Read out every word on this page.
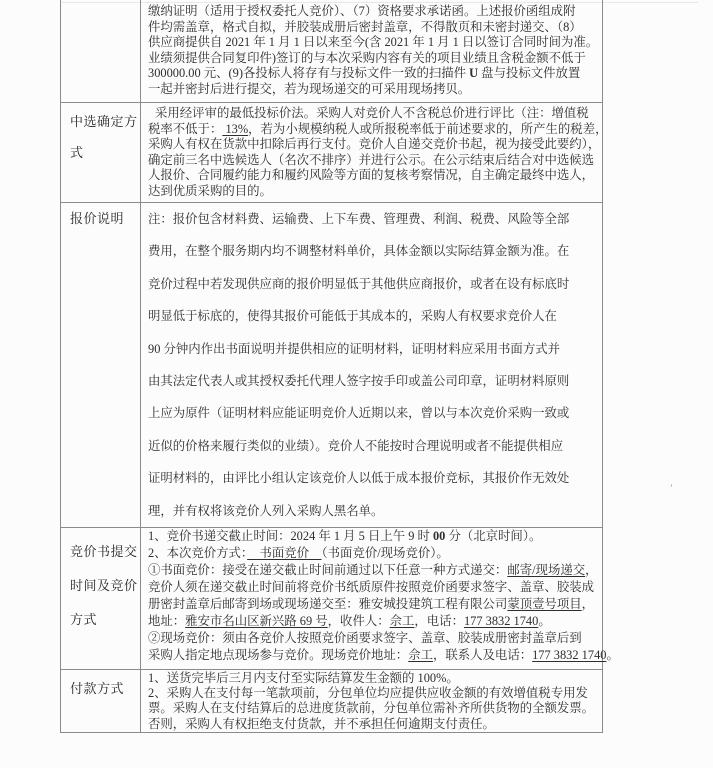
缴纳证明（适用于授权委托人竞价）、（7）资格要求承诺函。上述报价函组成附
件均需盖章，格式自拟，并胶装成册后密封盖章，不得散页和未密封递交、（8）
供应商提供自 2021 年 1 月 1 日以来至今(含 2021 年 1 月 1 日以签订合同时间为准。
业绩须提供合同复印件)签订的与本次采购内容有关的项目业绩且含税金额不低于
300000.00 元、(9)各投标人将存有与投标文件一致的扫描件 U 盘与投标文件放置
一起并密封后进行提交，若为现场递交的可采用现场拷贝。
中选确定方
式
采用经评审的最低投标价法。采购人对竞价人不含税总价进行评比（注：增值税
税率不低于： 13%，若为小规模纳税人或所报税率低于前述要求的，所产生的税差，
采购人有权在货款中扣除后再行支付。竞价人自递交竞价书起，视为接受此要约），
确定前三名中选候选人（名次不排序）并进行公示。在公示结束后结合对中选候选
人报价、合同履约能力和履约风险等方面的复核考察情况，自主确定最终中选人，
达到优质采购的目的。
报价说明	注：报价包含材料费、运输费、上下车费、管理费、利润、税费、风险等全部
费用，在整个服务期内均不调整材料单价，具体金额以实际结算金额为准。在
竞价过程中若发现供应商的报价明显低于其他供应商报价，或者在设有标底时
明显低于标底的，使得其报价可能低于其成本的，采购人有权要求竞价人在
90 分钟内作出书面说明并提供相应的证明材料，证明材料应采用书面方式并
由其法定代表人或其授权委托代理人签字按手印或盖公司印章，证明材料原则
上应为原件（证明材料应能证明竞价人近期以来，曾以与本次竞价采购一致或
近似的价格来履行类似的业绩）。竞价人不能按时合理说明或者不能提供相应
证明材料的，由评比小组认定该竞价人以低于成本报价竞标，其报价作无效处
理，并有权将该竞价人列入采购人黑名单。
竞价书提交
时间及竞价
方式
1、竞价书递交截止时间：2024 年 1 月 5 日上午 9 时 00 分（北京时间）。
2、本次竞价方式：　书面竞价　（书面竞价/现场竞价）。
①书面竞价：接受在递交截止时间前通过以下任意一种方式递交：邮寄/现场递交，
竞价人须在递交截止时间前将竞价书纸质原件按照竞价函要求签字、盖章、胶装成
册密封盖章后邮寄到场或现场递交至：雅安城投建筑工程有限公司蒙顶壹号项目，
地址：雅安市名山区新兴路 69 号，收件人：佘工，电话：177 3832 1740。
②现场竞价：须由各竞价人按照竞价函要求签字、盖章、胶装成册密封盖章后到
采购人指定地点现场参与竞价。现场竞价地址：佘工，联系人及电话：177 3832 1740。
付款方式
1、送货完毕后三月内支付至实际结算发生金额的 100%。
2、采购人在支付每一笔款项前，分包单位均应提供应收金额的有效增值税专用发
票。采购人在支付结算后的总进度货款前，分包单位需补齐所供货物的全额发票。
否则，采购人有权拒绝支付货款，并不承担任何逾期支付责任。
’
